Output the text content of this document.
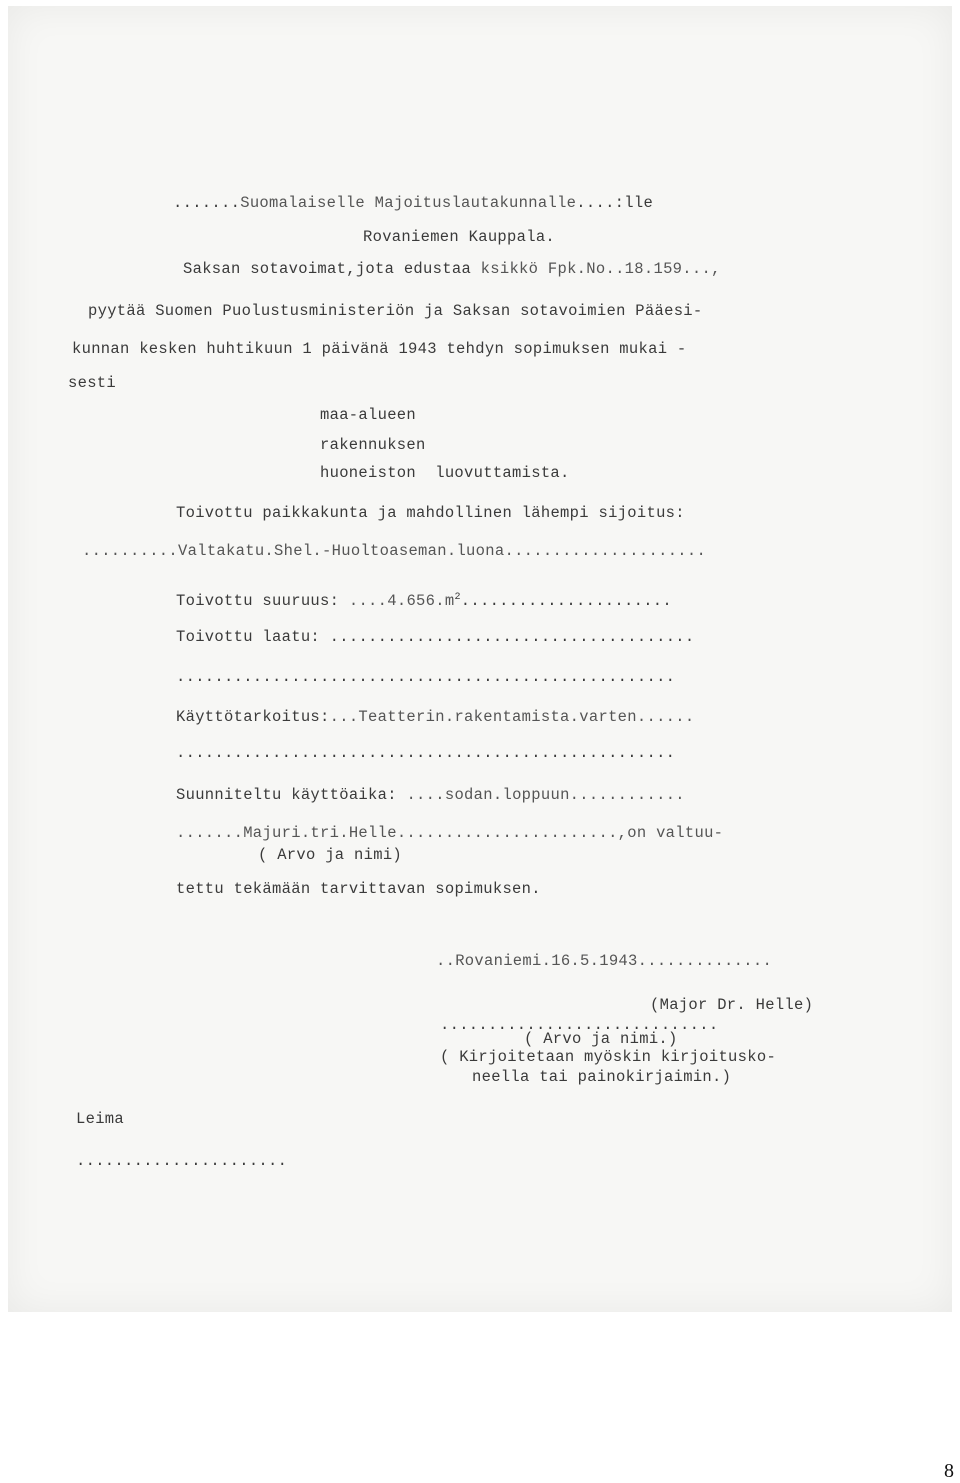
.......Suomalaiselle Majoituslautakunnalle....:lle
Rovaniemen Kauppala.
Saksan sotavoimat,jota edustaa ksikkö Fpk.No..18.159...,
pyytää Suomen Puolustusministeriön ja Saksan sotavoimien Pääesi-
kunnan kesken huhtikuun 1 päivänä 1943 tehdyn sopimuksen mukai -
sesti
maa-alueen
rakennuksen
huoneiston luovuttamista.
Toivottu paikkakunta ja mahdollinen lähempi sijoitus:
..........Valtakatu.Shel.-Huoltoaseman.luona.....................
Toivottu suuruus: $....4.656.m^2$......................
Toivottu laatu: ......................................
....................................................
Käyttötarkoitus:...Teatterin.rakentamista.varten......
....................................................
Suunniteltu käyttöaika: ....sodan.loppuun............
.......Majuri.tri.Helle.......................,on valtuu-
( Arvo ja nimi)
tettu tekämään tarvittavan sopimuksen.
..Rovaniemi.16.5.1943..............
(Major Dr. Helle)
.............................
( Arvo ja nimi.)
( Kirjoitetaan myöskin kirjoituskо-
neella tai painokirjaimin.)
Leima
......................
8
